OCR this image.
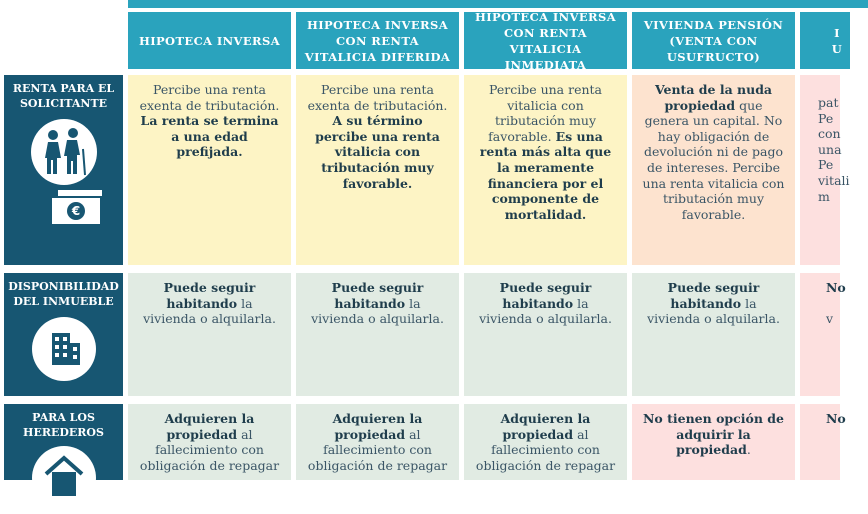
HIPOTECA INVERSA
HIPOTECA INVERSA CON RENTA VITALICIA DIFERIDA
HIPOTECA INVERSA CON RENTA VITALICIA INMEDIATA
VIVIENDA PENSIÓN (VENTA CON USUFRUCTO)
I U
RENTA PARA EL SOLICITANTE
€
Percibe una renta exenta de tributación. La renta se termina a una edad prefijada.
Percibe una renta exenta de tributación. A su término percibe una renta vitalicia con tributación muy favorable.
Percibe una renta vitalicia con tributación muy favorable. Es una renta más alta que la meramente financiera por el componente de mortalidad.
Venta de la nuda propiedad que genera un capital. No hay obligación de devolución ni de pago de intereses. Percibe una renta vitalicia con tributación muy favorable.
pat Pe con una Pe vitali m
DISPONIBILIDAD DEL INMUEBLE
Puede seguir habitando la vivienda o alquilarla.
Puede seguir habitando la vivienda o alquilarla.
Puede seguir habitando la vivienda o alquilarla.
Puede seguir habitando la vivienda o alquilarla.
No

v
PARA LOS HEREDEROS
Adquieren la propiedad al fallecimiento con obligación de repagar
Adquieren la propiedad al fallecimiento con obligación de repagar
Adquieren la propiedad al fallecimiento con obligación de repagar
No tienen opción de adquirir la propiedad.
No
